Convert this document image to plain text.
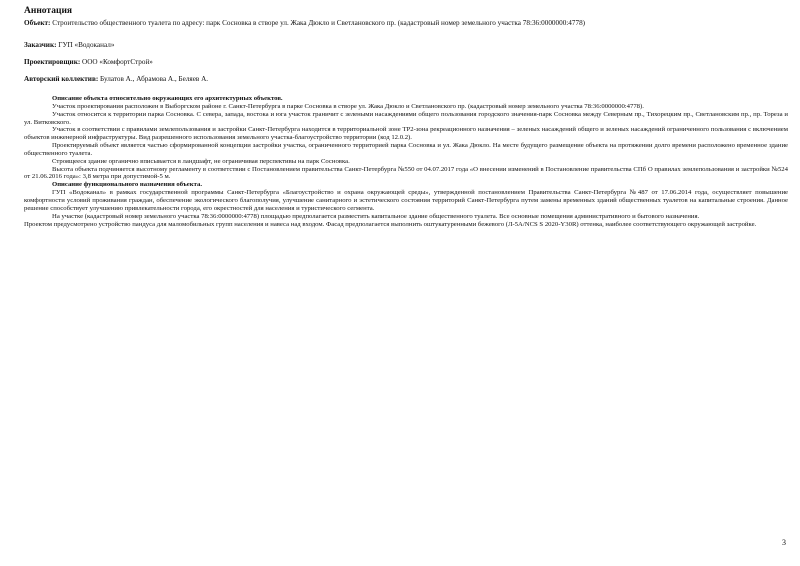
Аннотация
Объект: Строительство общественного туалета по адресу: парк Сосновка в створе ул. Жака Дюкло и Светлановского пр. (кадастровый номер земельного участка 78:36:0000000:4778)
Заказчик: ГУП «Водоканал»
Проектировщик: ООО «КомфортСтрой»
Авторский коллектив: Булатов А., Абрамова А., Беляев А.

Описание объекта относительно окружающих его архитектурных объектов.

Участок проектирования расположен в Выборгском районе г. Санкт-Петербурга в парке Сосновка в створе ул. Жака Дюкло и Светлановского пр. (кадастровый номер земельного участка 78:36:0000000:4778).

Участок относится к территории парка Сосновка. С севера, запада, востока и юга участок граничит с зелеными насаждениями общего пользования городского значения-парк Сосновка между Северным пр., Тихорецким пр., Светлановским пр., пр. Тореза и ул. Витковского.

Участок в соответствии с правилами землепользования и застройки Санкт-Петербурга находится в территориальной зоне ТР2-зона рекреационного назначения – зеленых насаждений общего и зеленых насаждений ограниченного пользования с включением объектов инженерной инфраструктуры. Вид разрешенного использования земельного участка-благоустройство территории (код 12.0.2).

Проектируемый объект является частью сформированной концепции застройки участка, ограниченного территорией парка Сосновка и ул. Жака Дюкло. На месте будущего размещение объекта на протяжении долго времени расположено временное здание общественного туалета.

Строящееся здание органично вписывается в ландшафт, не ограничивая перспективы на парк Сосновка.

Высота объекта подчиняется высотному регламенту в соответствии с Постановлением правительства Санкт-Петербурга №550 от 04.07.2017 года «О внесении изменений в Постановление правительства СПб О правилах землепользования и застройки №524 от 21.06.2016 года»: 3,8 метра при допустимой-5 м.

Описание функционального назначения объекта.

ГУП «Водоканал» в рамках государственной программы Санкт-Петербурга «Благоустройство и охрана окружающей среды», утвержденной постановлением Правительства Санкт-Петербурга №487 от 17.06.2014 года, осуществляет повышение комфортности условий проживания граждан, обеспечение экологического благополучия, улучшение санитарного и эстетического состояния территорий Санкт-Петербурга путем замены временных зданий общественных туалетов на капитальные строения. Данное решение способствует улучшению привлекательности города, его окрестностей для населения и туристического сегмента.

На участке (кадастровый номер земельного участка 78:36:0000000:4778) площадью предполагается разместить капитальное здание общественного туалета. Все основные помещения административного и бытового назначения.

Проектом предусмотрено устройство пандуса для маломобильных групп населения и навеса над входом. Фасад предполагается выполнить оштукатуренными бежевого (Л-5A/NCS S 2020-Y30R) оттенка, наиболее соответствующего окружающей застройке.

3
